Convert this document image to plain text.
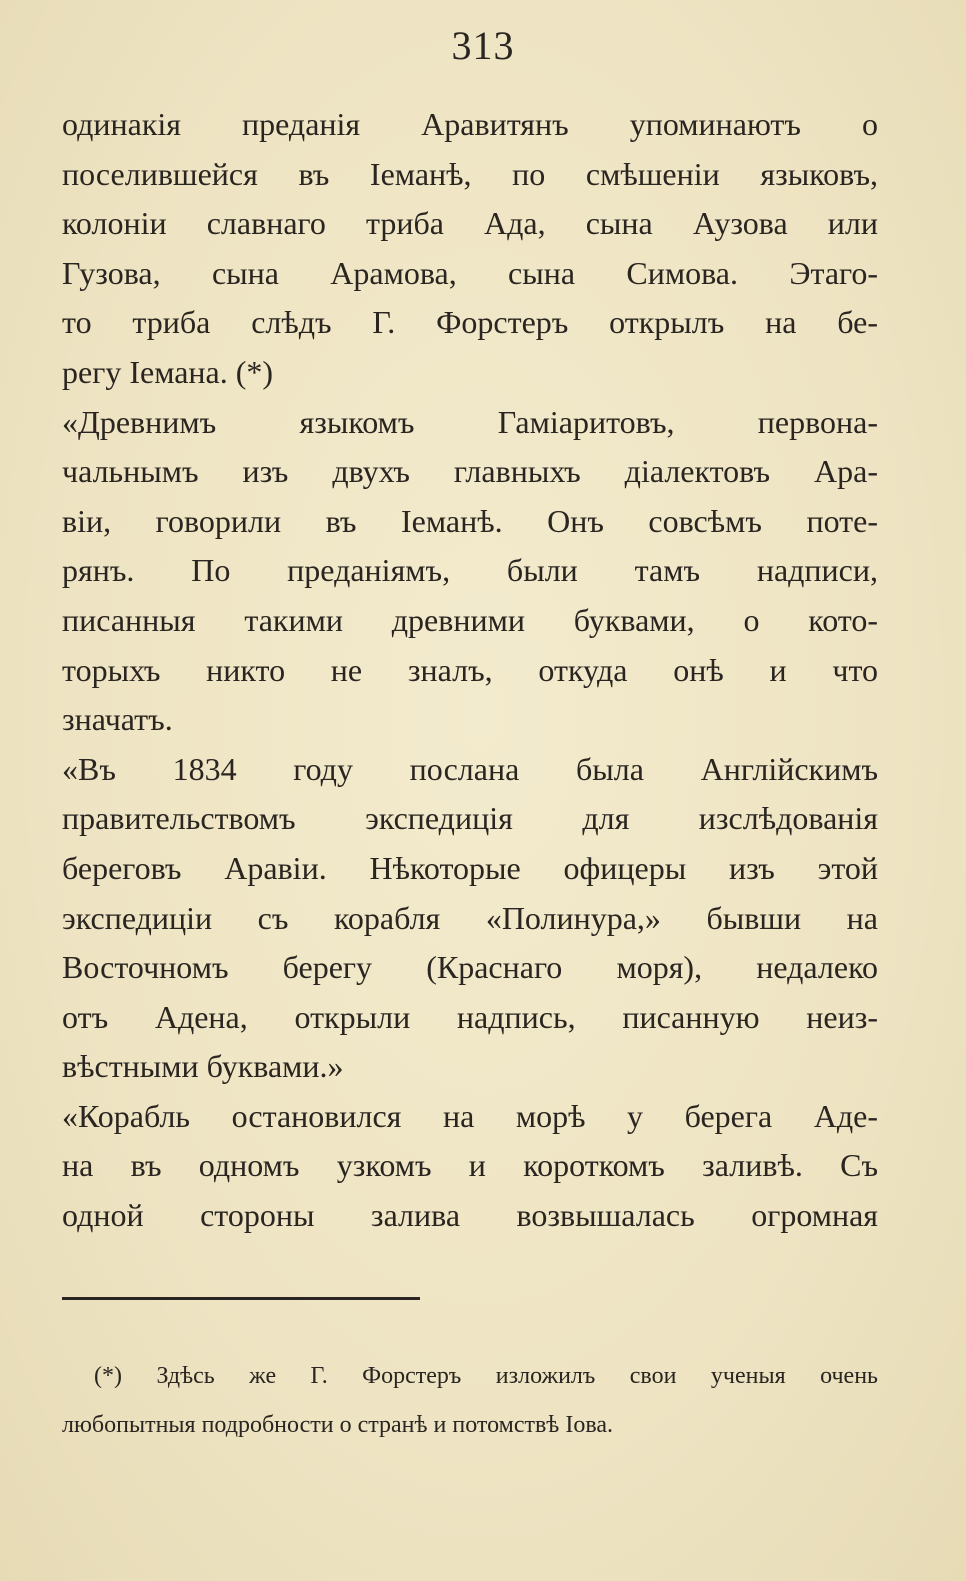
313
одинакія преданія Аравитянъ упоминаютъ о
поселившейся въ Іеманѣ, по смѣшеніи языковъ,
колоніи славнаго триба Ада, сына Аузова или
Гузова, сына Арамова, сына Симова. Этаго-
то триба слѣдъ Г. Форстеръ открылъ на бе-
регу Іемана. (*)
«Древнимъ языкомъ Гаміаритовъ, первона-
чальнымъ изъ двухъ главныхъ діалектовъ Ара-
віи, говорили въ Іеманѣ. Онъ совсѣмъ поте-
рянъ. По преданіямъ, были тамъ надписи,
писанныя такими древними буквами, о кото-
торыхъ никто не зналъ, откуда онѣ и что
значатъ.
«Въ 1834 году послана была Англійскимъ
правительствомъ экспедиція для изслѣдованія
береговъ Аравіи. Нѣкоторые офицеры изъ этой
экспедиціи съ корабля «Полинура,» бывши на
Восточномъ берегу (Краснаго моря), недалеко
отъ Адена, открыли надпись, писанную неиз-
вѣстными буквами.»
«Корабль остановился на морѣ у берега Аде-
на въ одномъ узкомъ и короткомъ заливѣ. Съ
одной стороны залива возвышалась огромная
(*) Здѣсь же Г. Форстеръ изложилъ свои ученыя очень
любопытныя подробности о странѣ и потомствѣ Іова.
